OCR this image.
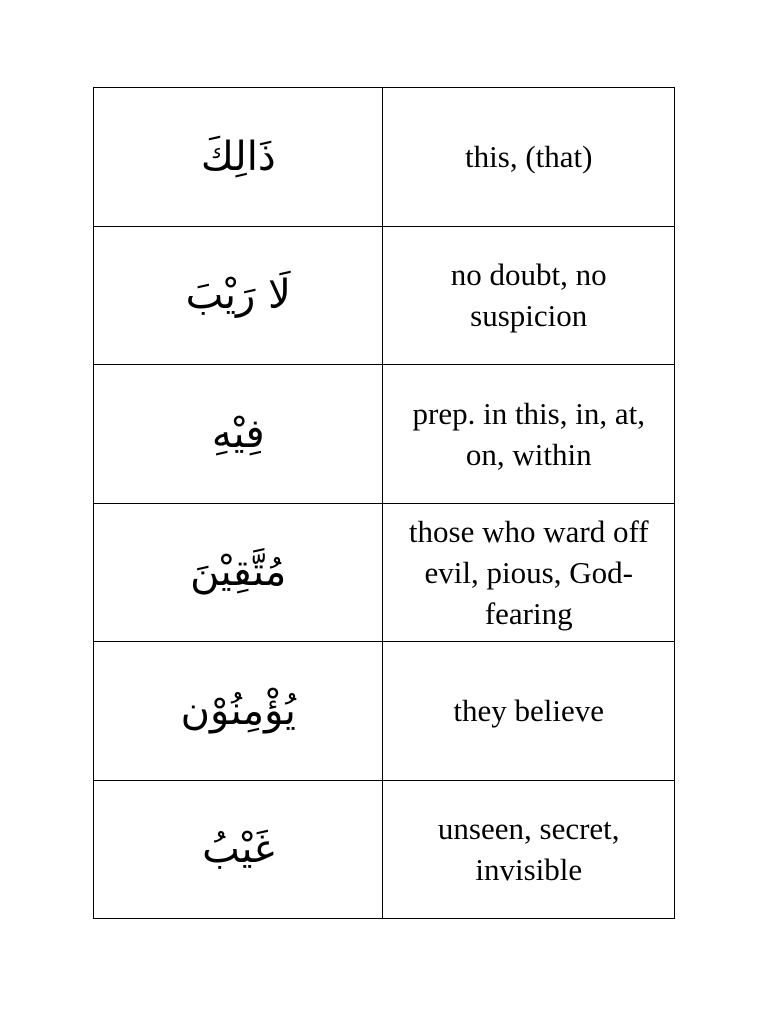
ذَالِكَ	this, (that)
لَا رَيْبَ	no doubt, no suspicion
فِيْهِ	prep. in this, in, at, on, within
مُتَّقِيْنَ	those who ward off evil, pious, God-fearing
يُؤْمِنُوْن	they believe
غَيْبُ	unseen, secret, invisible
